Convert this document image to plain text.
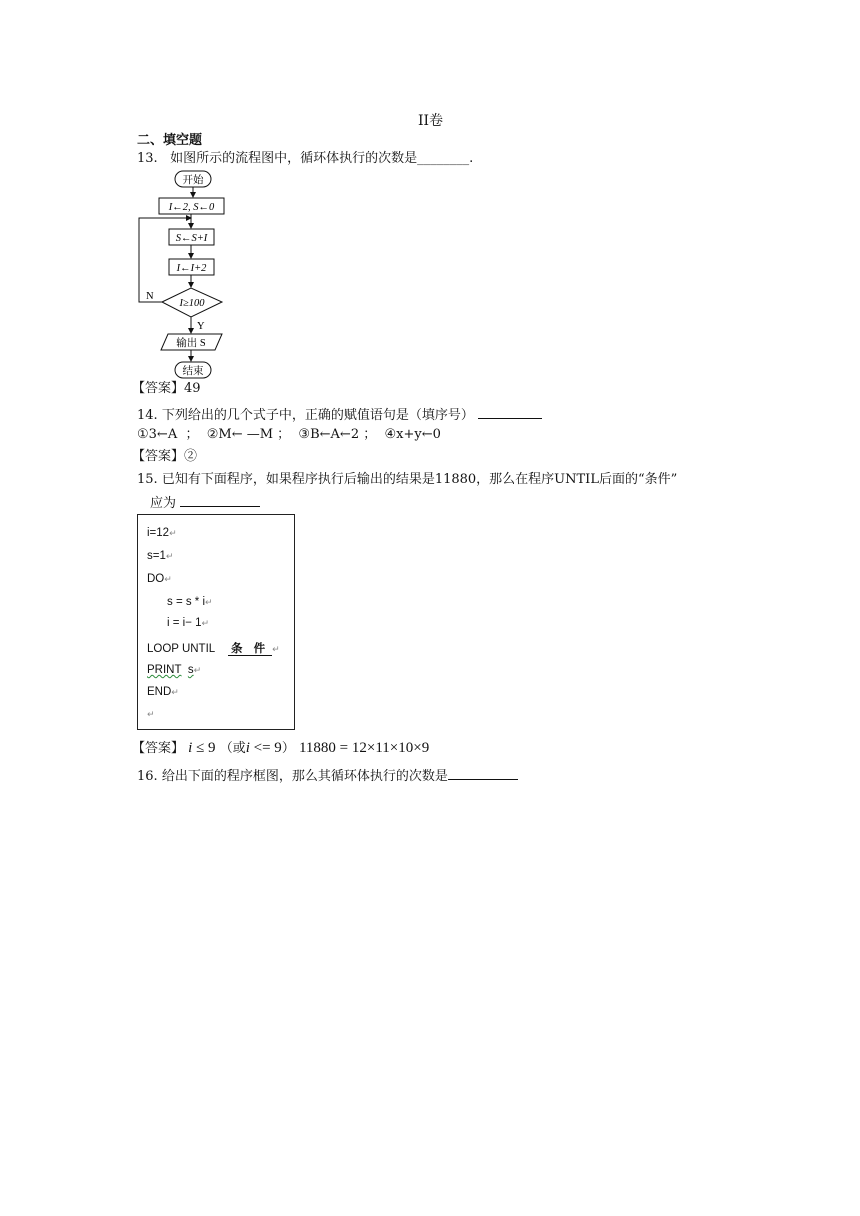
II卷
二、填空题
13. 如图所示的流程图中，循环体执行的次数是________.
开始
I←2, S←0
S←S+I
I←I+2
I≥100
N
Y
输出 S
结束
【答案】49
14. 下列给出的几个式子中，正确的赋值语句是（填序号）
①3←A  ；  ②M← —M ；  ③B←A←2 ；  ④x+y←0
【答案】②
15. 已知有下面程序，如果程序执行后输出的结果是11880，那么在程序UNTIL后面的“条件”
应为
i=12↵
s=1↵
DO↵
s = s * i↵
i = i− 1↵
LOOP UNTIL 条 件 ↵
PRINT s↵
END↵
↵
【答案】 i ≤ 9 （或i <= 9） 11880 = 12×11×10×9
16. 给出下面的程序框图，那么其循环体执行的次数是
